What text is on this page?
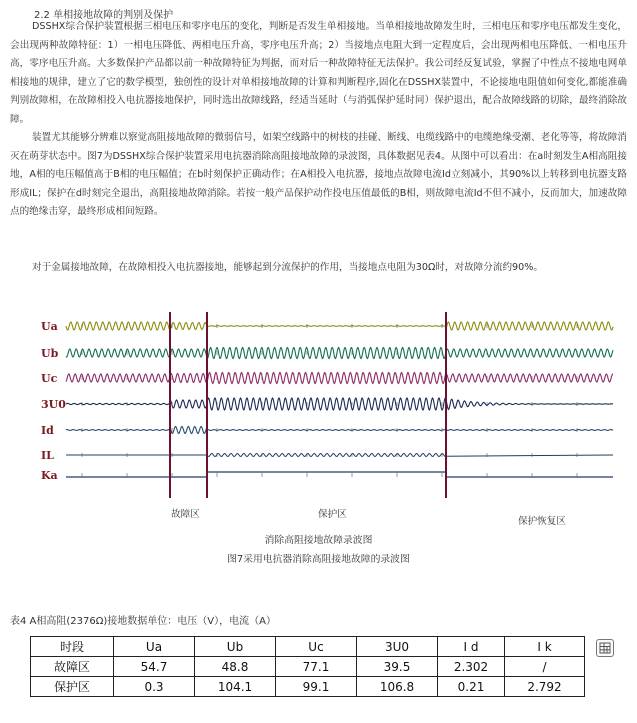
2.2 单相接地故障的判别及保护

DSSHX综合保护装置根据三相电压和零序电压的变化，判断是否发生单相接地。当单相接地故障发生时，三相电压和零序电压都发生变化，会出现两种故障特征：1）一相电压降低、两相电压升高，零序电压升高；2）当接地点电阻大到一定程度后，会出现两相电压降低、一相电压升高，零序电压升高。大多数保护产品都以前一种故障特征为判据，而对后一种故障特征无法保护。我公司经反复试验，掌握了中性点不接地电网单相接地的规律，建立了它的数学模型，独创性的设计对单相接地故障的计算和判断程序,固化在DSSHX装置中，不论接地电阻值如何变化,都能准确判别故障相，在故障相投入电抗器接地保护，同时选出故障线路，经适当延时（与消弧保护延时同）保护退出，配合故障线路的切除，最终消除故障。

装置尤其能够分辨难以察觉高阻接地故障的微弱信号，如架空线路中的树枝的挂碰、断线、电缆线路中的电缆绝缘受潮、老化等等，将故障消灭在萌芽状态中。图7为DSSHX综合保护装置采用电抗器消除高阻接地故障的录波图，具体数据见表4。从图中可以看出：在a时刻发生A相高阻接地，A相的电压幅值高于B相的电压幅值；在b时刻保护正确动作；在A相投入电抗器，接地点故障电流Id立刻减小，其90%以上转移到电抗器支路形成IL；保护在d时刻完全退出，高阻接地故障消除。若按一般产品保护动作投电压值最低的B相，则故障电流Id不但不减小，反而加大，加速故障点的绝缘击穿，最终形成相间短路。

对于金属接地故障，在故障相投入电抗器接地，能够起到分流保护的作用，当接地点电阻为30Ω时，对故障分流约90%。

Ua
Ub
Uc
3U0
Id
IL
Ka
故障区	保护区
保护恢复区
消除高阻接地故障录波图
图7采用电抗器消除高阻接地故障的录波图
表4 A相高阻(2376Ω)接地数据单位：电压（V），电流（A）
时段	Ua	Ub	Uc	3U0	I d	I k
故障区	54.7	48.8	77.1	39.5	2.302	/
保护区	0.3	104.1	99.1	106.8	0.21	2.792
